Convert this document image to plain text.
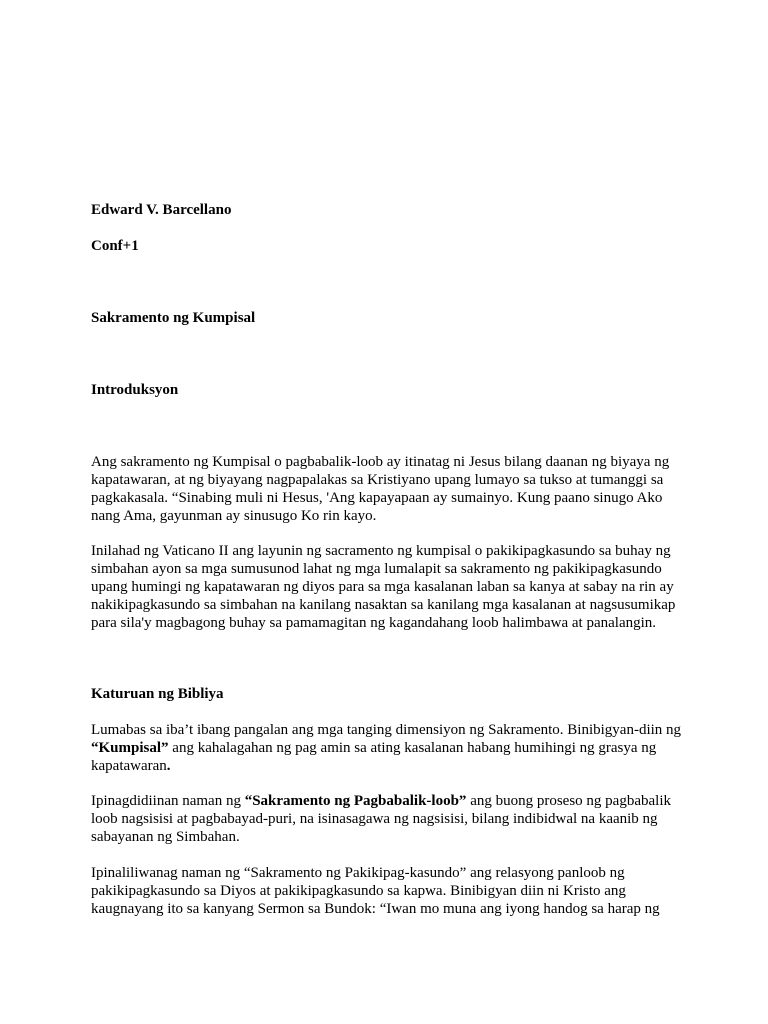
Edward V. Barcellano
Conf+1
Sakramento ng Kumpisal
Introduksyon
Ang sakramento ng Kumpisal o pagbabalik-loob ay itinatag ni Jesus bilang daanan ng biyaya ng kapatawaran, at ng biyayang nagpapalakas sa Kristiyano upang lumayo sa tukso at tumanggi sa pagkakasala. “Sinabing muli ni Hesus, 'Ang kapayapaan ay sumainyo. Kung paano sinugo Ako nang Ama, gayunman ay sinusugo Ko rin kayo.
Inilahad ng Vaticano II ang layunin ng sacramento ng kumpisal o pakikipagkasundo sa buhay ng simbahan ayon sa mga sumusunod lahat ng mga lumalapit sa sakramento ng pakikipagkasundo upang humingi ng kapatawaran ng diyos para sa mga kasalanan laban sa kanya at sabay na rin ay nakikipagkasundo sa simbahan na kanilang nasaktan sa kanilang mga kasalanan at nagsusumikap para sila'y magbagong buhay sa pamamagitan ng kagandahang loob halimbawa at panalangin.
Katuruan ng Bibliya
Lumabas sa iba’t ibang pangalan ang mga tanging dimensiyon ng Sakramento. Binibigyan-diin ng “Kumpisal” ang kahalagahan ng pag amin sa ating kasalanan habang humihingi ng grasya ng kapatawaran.
Ipinagdidiinan naman ng “Sakramento ng Pagbabalik-loob” ang buong proseso ng pagbabalik loob nagsisisi at pagbabayad-puri, na isinasagawa ng nagsisisi, bilang indibidwal na kaanib ng sabayanan ng Simbahan.
Ipinaliliwanag naman ng “Sakramento ng Pakikipag-kasundo” ang relasyong panloob ng pakikipagkasundo sa Diyos at pakikipagkasundo sa kapwa. Binibigyan diin ni Kristo ang kaugnayang ito sa kanyang Sermon sa Bundok: “Iwan mo muna ang iyong handog sa harap ng
